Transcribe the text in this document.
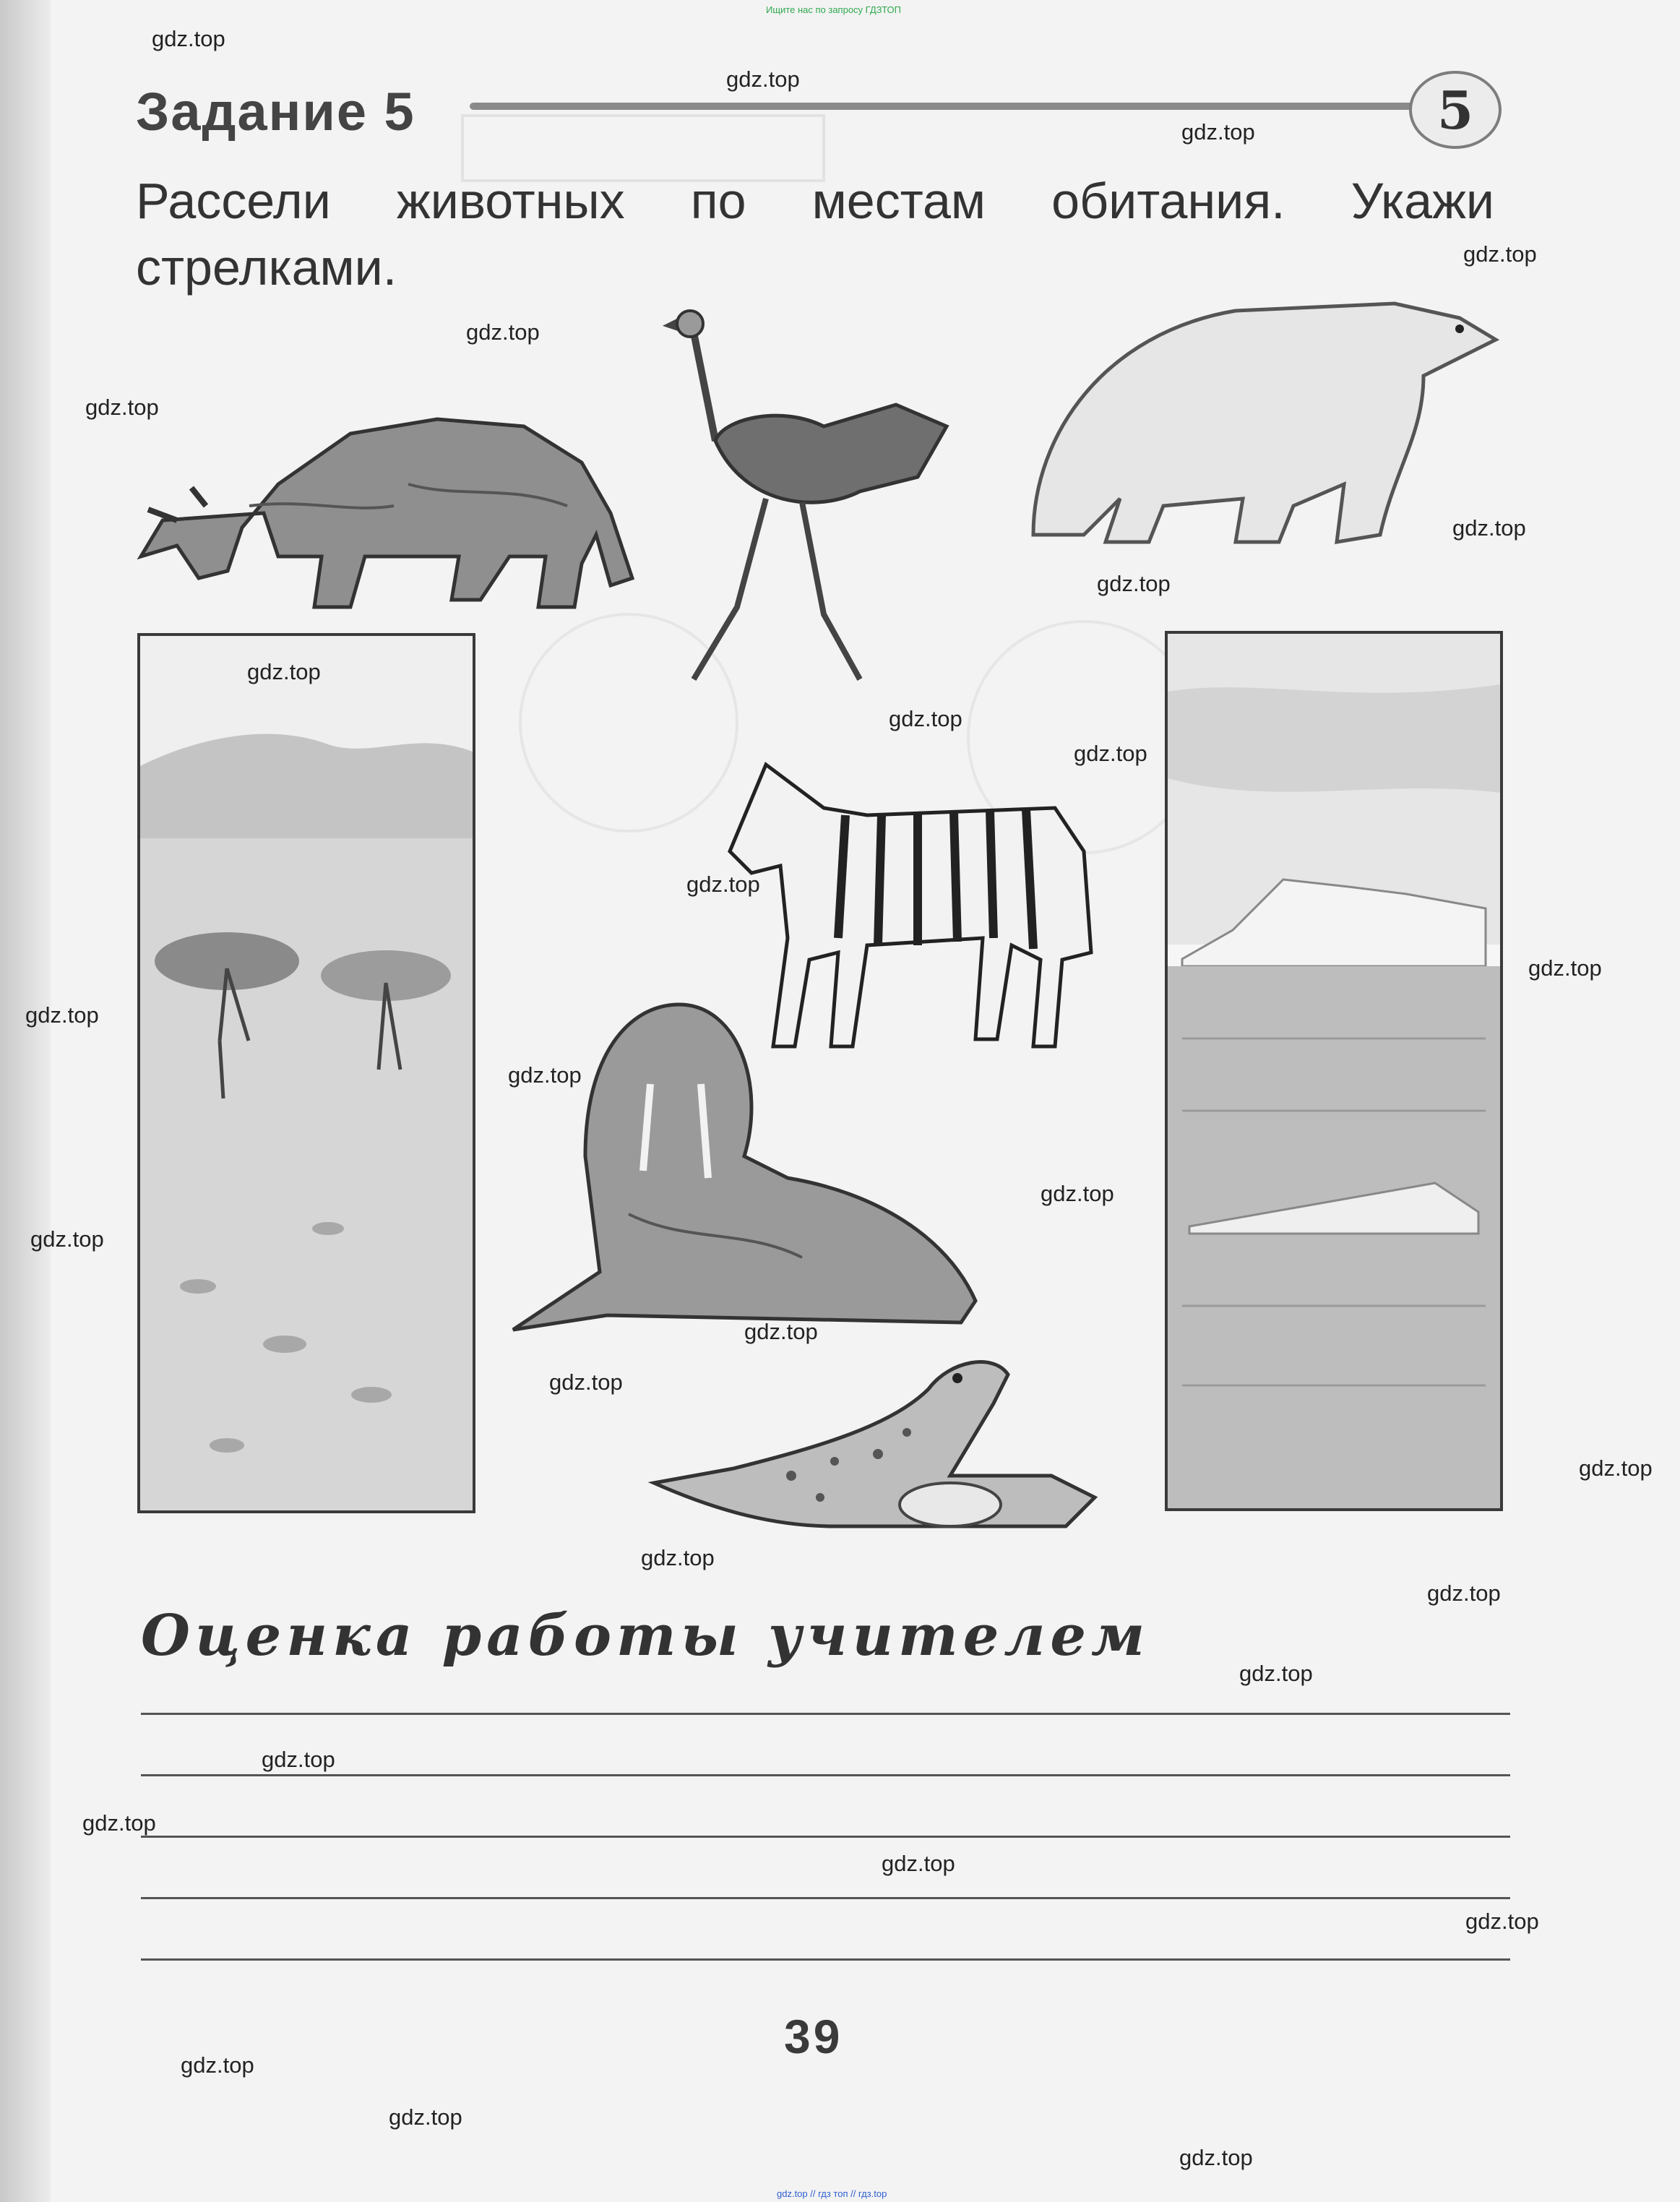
Ищите нас по запросу ГДЗТОП
Задание 5	5
Рассели животных по местам обитания. Укажи стрелками.
Оценка работы учителем
39
gdz.top // гдз топ // гдз.top
gdz.top
gdz.top
gdz.top
gdz.top
gdz.top
gdz.top
gdz.top
gdz.top
gdz.top
gdz.top
gdz.top
gdz.top
gdz.top
gdz.top
gdz.top
gdz.top
gdz.top
gdz.top
gdz.top
gdz.top
gdz.top
gdz.top
gdz.top
gdz.top
gdz.top
gdz.top
gdz.top
gdz.top
gdz.top
gdz.top
